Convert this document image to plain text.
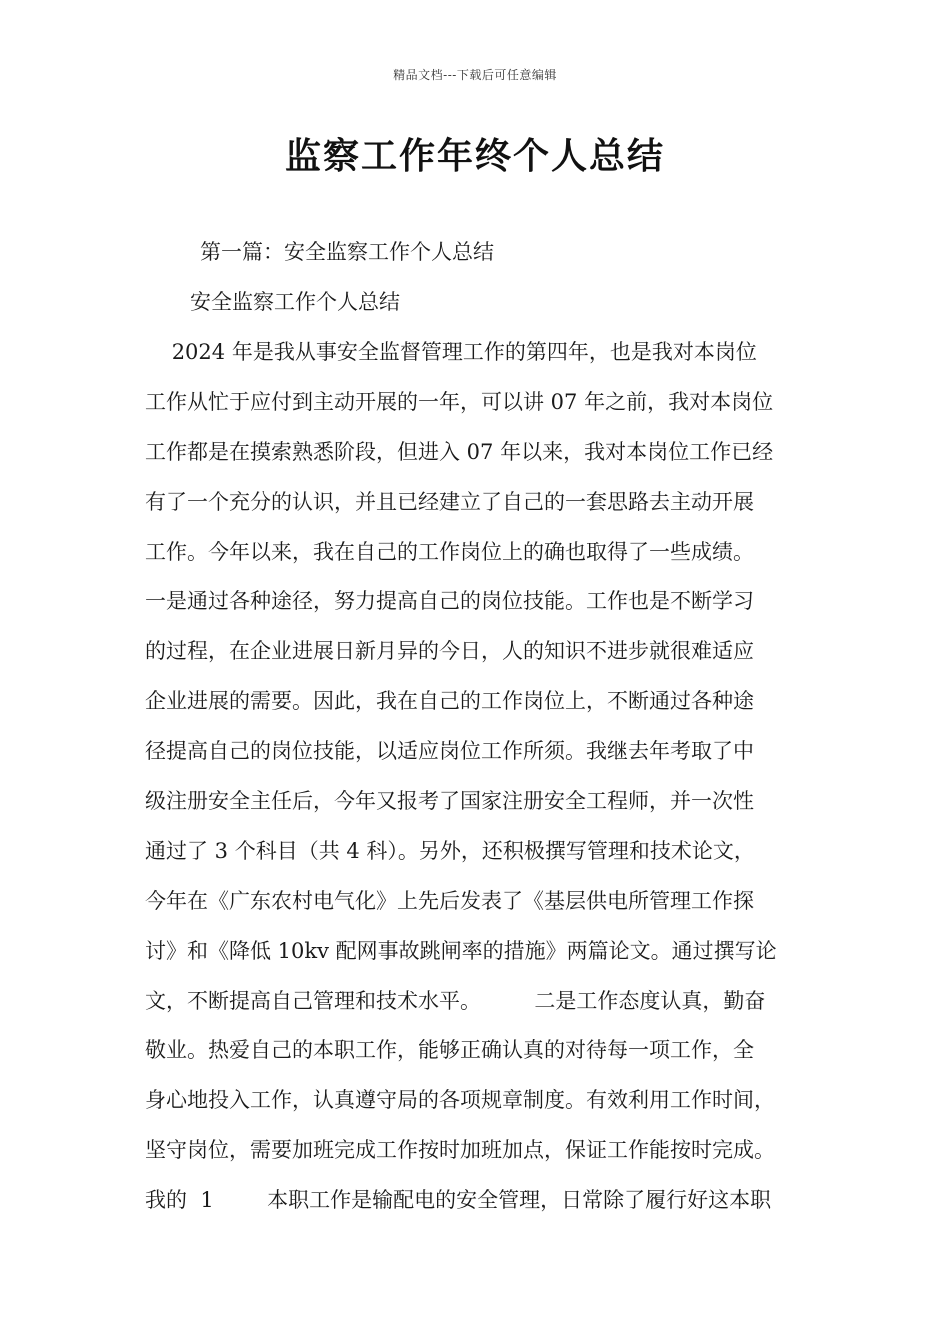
精品文档---下载后可任意编辑
监察工作年终个人总结
第一篇：安全监察工作个人总结
安全监察工作个人总结
2024 年是我从事安全监督管理工作的第四年，也是我对本岗位
工作从忙于应付到主动开展的一年，可以讲 07 年之前，我对本岗位
工作都是在摸索熟悉阶段，但进入 07 年以来，我对本岗位工作已经
有了一个充分的认识，并且已经建立了自己的一套思路去主动开展
工作。今年以来，我在自己的工作岗位上的确也取得了一些成绩。
一是通过各种途径，努力提高自己的岗位技能。工作也是不断学习
的过程，在企业进展日新月异的今日，人的知识不进步就很难适应
企业进展的需要。因此，我在自己的工作岗位上，不断通过各种途
径提高自己的岗位技能，以适应岗位工作所须。我继去年考取了中
级注册安全主任后，今年又报考了国家注册安全工程师，并一次性
通过了 3 个科目（共 4 科）。另外，还积极撰写管理和技术论文，
今年在《广东农村电气化》上先后发表了《基层供电所管理工作探
讨》和《降低 10kv 配网事故跳闸率的措施》两篇论文。通过撰写论
文，不断提高自己管理和技术水平。        二是工作态度认真，勤奋
敬业。热爱自己的本职工作，能够正确认真的对待每一项工作，全
身心地投入工作，认真遵守局的各项规章制度。有效利用工作时间，
坚守岗位，需要加班完成工作按时加班加点，保证工作能按时完成。
我的  1        本职工作是输配电的安全管理，日常除了履行好这本职
